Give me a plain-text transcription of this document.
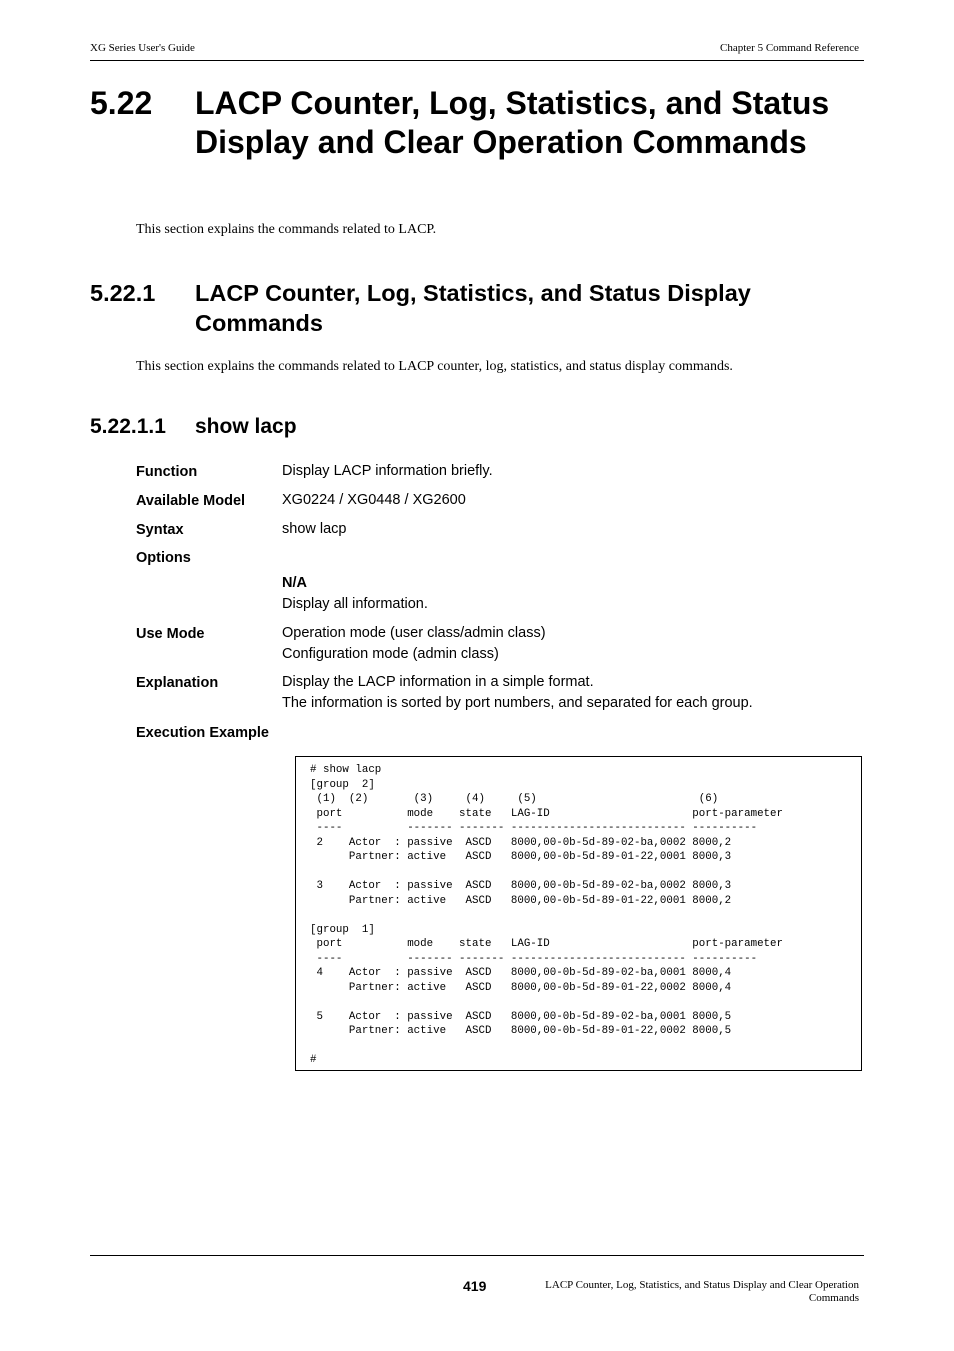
XG Series User's Guide	Chapter 5 Command Reference
5.22 LACP Counter, Log, Statistics, and Status Display and Clear Operation Commands
This section explains the commands related to LACP.
5.22.1 LACP Counter, Log, Statistics, and Status Display Commands
This section explains the commands related to LACP counter, log, statistics, and status display commands.
5.22.1.1 show lacp
Function	Display LACP information briefly.
Available Model	XG0224 / XG0448 / XG2600
Syntax	show lacp
Options
N/A
Display all information.
Use Mode	Operation mode (user class/admin class)
Configuration mode (admin class)
Explanation	Display the LACP information in a simple format.
The information is sorted by port numbers, and separated for each group.
Execution Example
# show lacp
[group  2]
(1)  (2)       (3)     (4)     (5)                         (6)
port          mode    state   LAG-ID                      port-parameter
----          ------- ------- --------------------------- ----------
2    Actor  : passive  ASCD   8000,00-0b-5d-89-02-ba,0002 8000,2
Partner: active   ASCD   8000,00-0b-5d-89-01-22,0001 8000,3

3    Actor  : passive  ASCD   8000,00-0b-5d-89-02-ba,0002 8000,3
Partner: active   ASCD   8000,00-0b-5d-89-01-22,0001 8000,2

[group  1]
port          mode    state   LAG-ID                      port-parameter
----          ------- ------- --------------------------- ----------
4    Actor  : passive  ASCD   8000,00-0b-5d-89-02-ba,0001 8000,4
Partner: active   ASCD   8000,00-0b-5d-89-01-22,0002 8000,4

5    Actor  : passive  ASCD   8000,00-0b-5d-89-02-ba,0001 8000,5
Partner: active   ASCD   8000,00-0b-5d-89-01-22,0002 8000,5

#
419	LACP Counter, Log, Statistics, and Status Display and Clear Operation Commands
